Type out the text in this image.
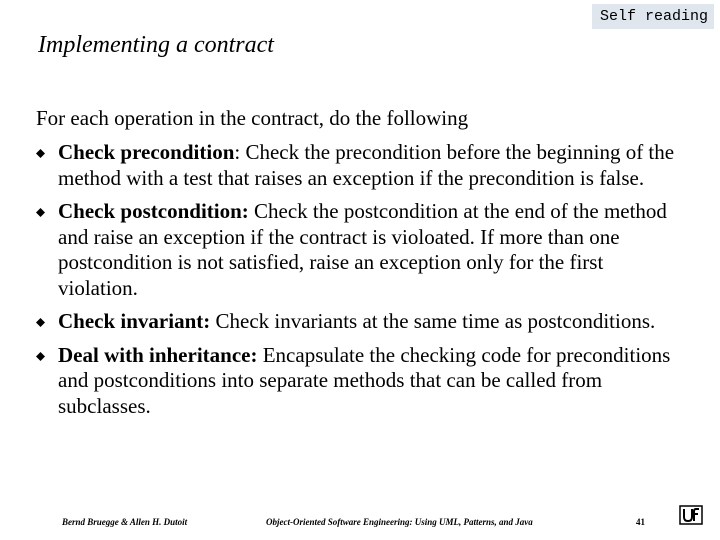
Self reading
Implementing a contract
For each operation in the contract, do the following
Check precondition: Check the precondition before the beginning of the method with a test that raises an exception if the precondition is false.
Check postcondition: Check the postcondition at the end of the method and raise an exception if the contract is violoated. If more than one postcondition is not satisfied, raise an exception only for the first violation.
Check invariant: Check invariants at the same time as postconditions.
Deal with inheritance: Encapsulate the checking code for preconditions and postconditions into separate methods that can be called from subclasses.
Bernd Bruegge & Allen H. Dutoit	Object-Oriented Software Engineering: Using UML, Patterns, and Java	41
